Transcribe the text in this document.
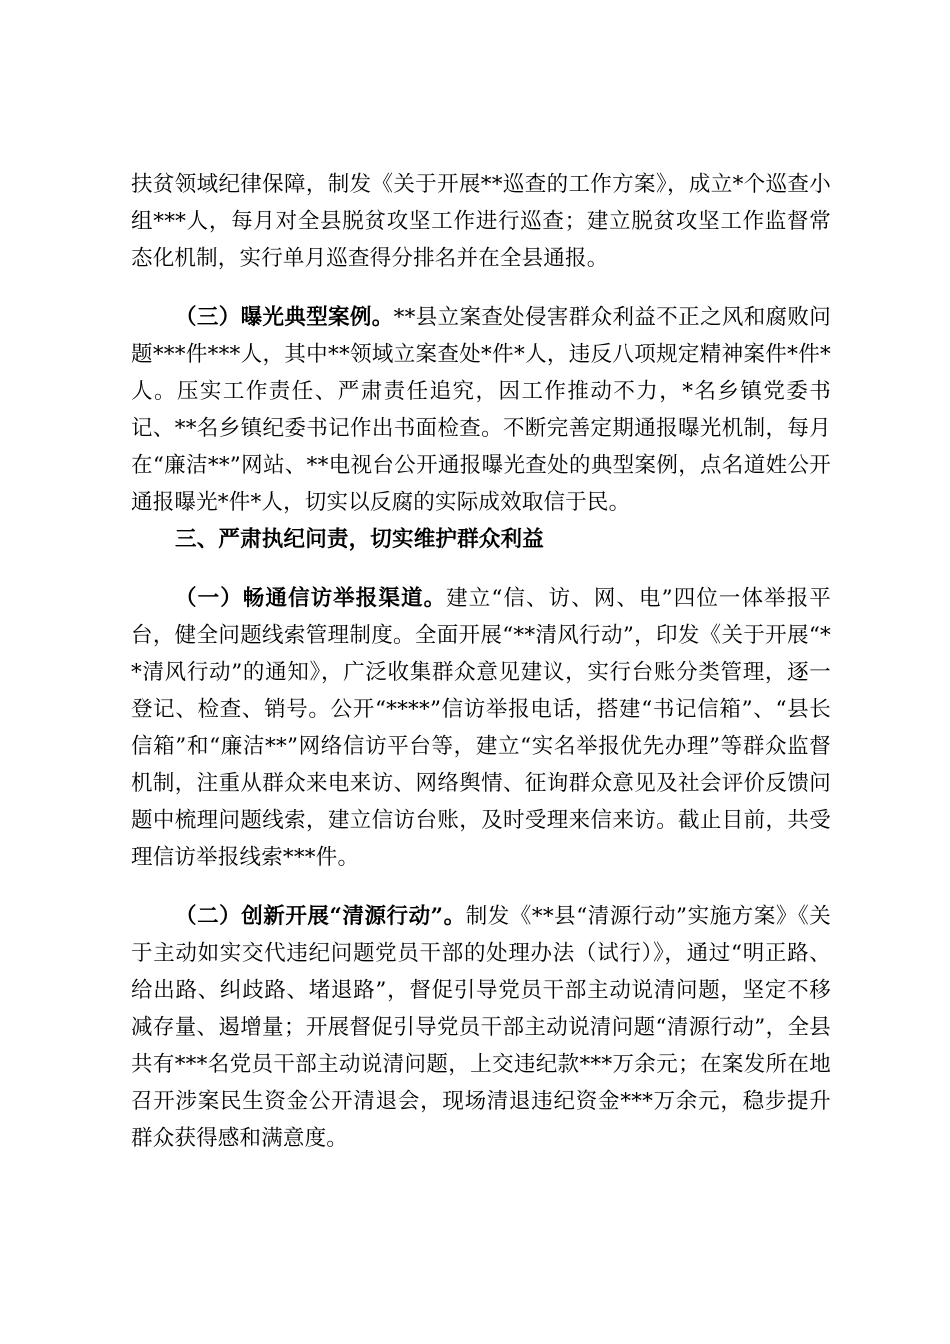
扶贫领域纪律保障，制发《关于开展**巡查的工作方案》，成立*个巡查小组***人，每月对全县脱贫攻坚工作进行巡查；建立脱贫攻坚工作监督常态化机制，实行单月巡查得分排名并在全县通报。

（三）曝光典型案例。**县立案查处侵害群众利益不正之风和腐败问题***件***人，其中**领域立案查处*件*人，违反八项规定精神案件*件*人。压实工作责任、严肃责任追究，因工作推动不力，*名乡镇党委书记、**名乡镇纪委书记作出书面检查。不断完善定期通报曝光机制，每月在“廉洁**”网站、**电视台公开通报曝光查处的典型案例，点名道姓公开通报曝光*件*人，切实以反腐的实际成效取信于民。

三、严肃执纪问责，切实维护群众利益

（一）畅通信访举报渠道。建立“信、访、网、电”四位一体举报平台，健全问题线索管理制度。全面开展“**清风行动”，印发《关于开展“**清风行动”的通知》，广泛收集群众意见建议，实行台账分类管理，逐一登记、检查、销号。公开“****”信访举报电话，搭建“书记信箱”、“县长信箱”和“廉洁**”网络信访平台等，建立“实名举报优先办理”等群众监督机制，注重从群众来电来访、网络舆情、征询群众意见及社会评价反馈问题中梳理问题线索，建立信访台账，及时受理来信来访。截止目前，共受理信访举报线索***件。

（二）创新开展“清源行动”。制发《**县“清源行动”实施方案》《关于主动如实交代违纪问题党员干部的处理办法（试行）》，通过“明正路、给出路、纠歧路、堵退路”，督促引导党员干部主动说清问题，坚定不移减存量、遏增量；开展督促引导党员干部主动说清问题“清源行动”，全县共有***名党员干部主动说清问题，上交违纪款***万余元；在案发所在地召开涉案民生资金公开清退会，现场清退违纪资金***万余元，稳步提升群众获得感和满意度。
